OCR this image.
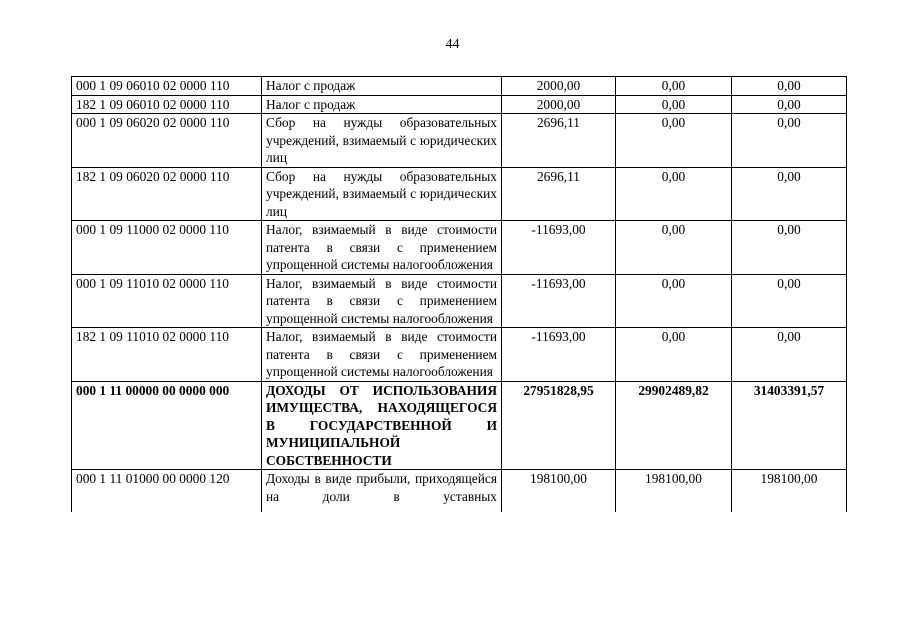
44
000 1 09 06010 02 0000 110	Налог с продаж	2000,00	0,00	0,00
182 1 09 06010 02 0000 110	Налог с продаж	2000,00	0,00	0,00
000 1 09 06020 02 0000 110	Сбор на нужды образовательных учреждений, взимаемый с юридических лиц	2696,11	0,00	0,00
182 1 09 06020 02 0000 110	Сбор на нужды образовательных учреждений, взимаемый с юридических лиц	2696,11	0,00	0,00
000 1 09 11000 02 0000 110	Налог, взимаемый в виде стоимости патента в связи с применением упрощенной системы налогообложения	-11693,00	0,00	0,00
000 1 09 11010 02 0000 110	Налог, взимаемый в виде стоимости патента в связи с применением упрощенной системы налогообложения	-11693,00	0,00	0,00
182 1 09 11010 02 0000 110	Налог, взимаемый в виде стоимости патента в связи с применением упрощенной системы налогообложения	-11693,00	0,00	0,00
000 1 11 00000 00 0000 000	ДОХОДЫ ОТ ИСПОЛЬЗОВАНИЯ ИМУЩЕСТВА, НАХОДЯЩЕГОСЯ В ГОСУДАРСТВЕННОЙ И МУНИЦИПАЛЬНОЙ СОБСТВЕННОСТИ	27951828,95	29902489,82	31403391,57
000 1 11 01000 00 0000 120	Доходы в виде прибыли, приходящейся на доли в уставных	198100,00	198100,00	198100,00
